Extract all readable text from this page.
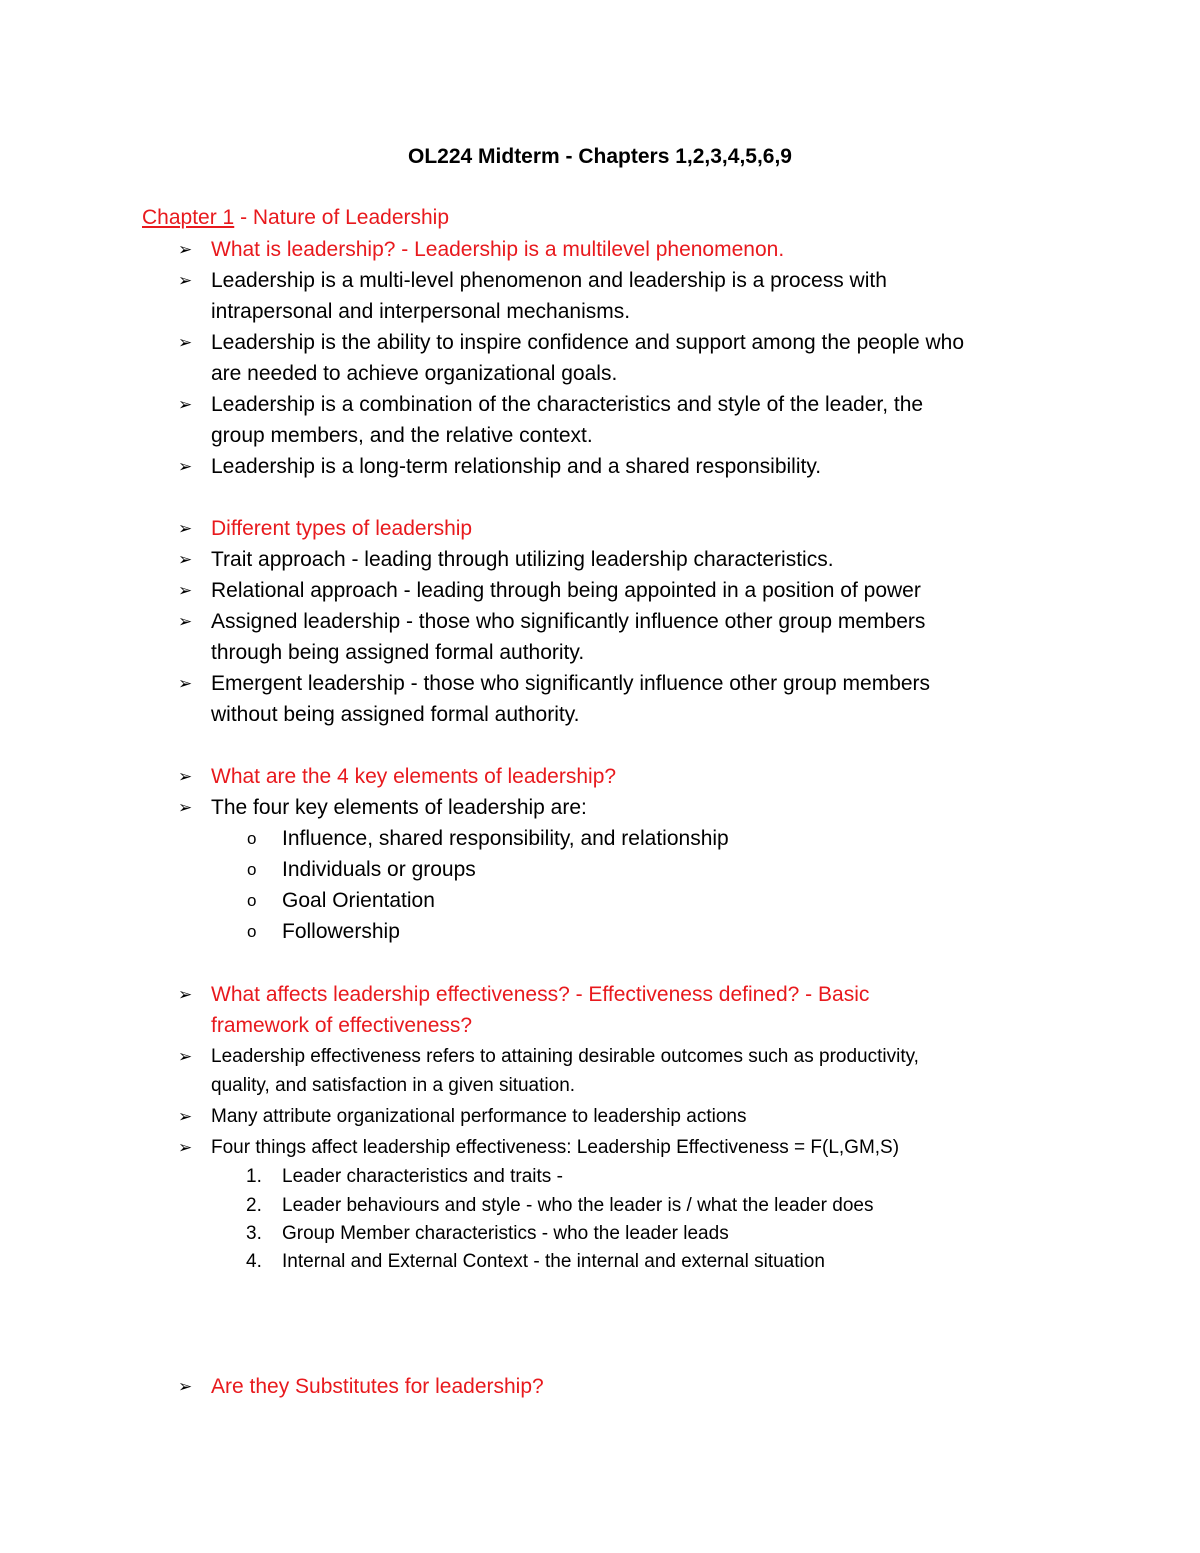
OL224 Midterm - Chapters 1,2,3,4,5,6,9
Chapter 1 - Nature of Leadership
➢ What is leadership? - Leadership is a multilevel phenomenon.
➢ Leadership is a multi-level phenomenon and leadership is a process with
intrapersonal and interpersonal mechanisms.
➢ Leadership is the ability to inspire confidence and support among the people who
are needed to achieve organizational goals.
➢ Leadership is a combination of the characteristics and style of the leader, the
group members, and the relative context.
➢ Leadership is a long-term relationship and a shared responsibility.
➢ Different types of leadership
➢ Trait approach - leading through utilizing leadership characteristics.
➢ Relational approach - leading through being appointed in a position of power
➢ Assigned leadership - those who significantly influence other group members
through being assigned formal authority.
➢ Emergent leadership - those who significantly influence other group members
without being assigned formal authority.
➢ What are the 4 key elements of leadership?
➢ The four key elements of leadership are:
o	Influence, shared responsibility, and relationship
o	Individuals or groups
o	Goal Orientation
o	Followership
➢ What affects leadership effectiveness? - Effectiveness defined? - Basic
framework of effectiveness?
➢ Leadership effectiveness refers to attaining desirable outcomes such as productivity,
quality, and satisfaction in a given situation.
➢ Many attribute organizational performance to leadership actions
➢ Four things affect leadership effectiveness: Leadership Effectiveness = F(L,GM,S)
1.	Leader characteristics and traits -
2.	Leader behaviours and style - who the leader is / what the leader does
3.	Group Member characteristics - who the leader leads
4.	Internal and External Context - the internal and external situation
➢ Are they Substitutes for leadership?
